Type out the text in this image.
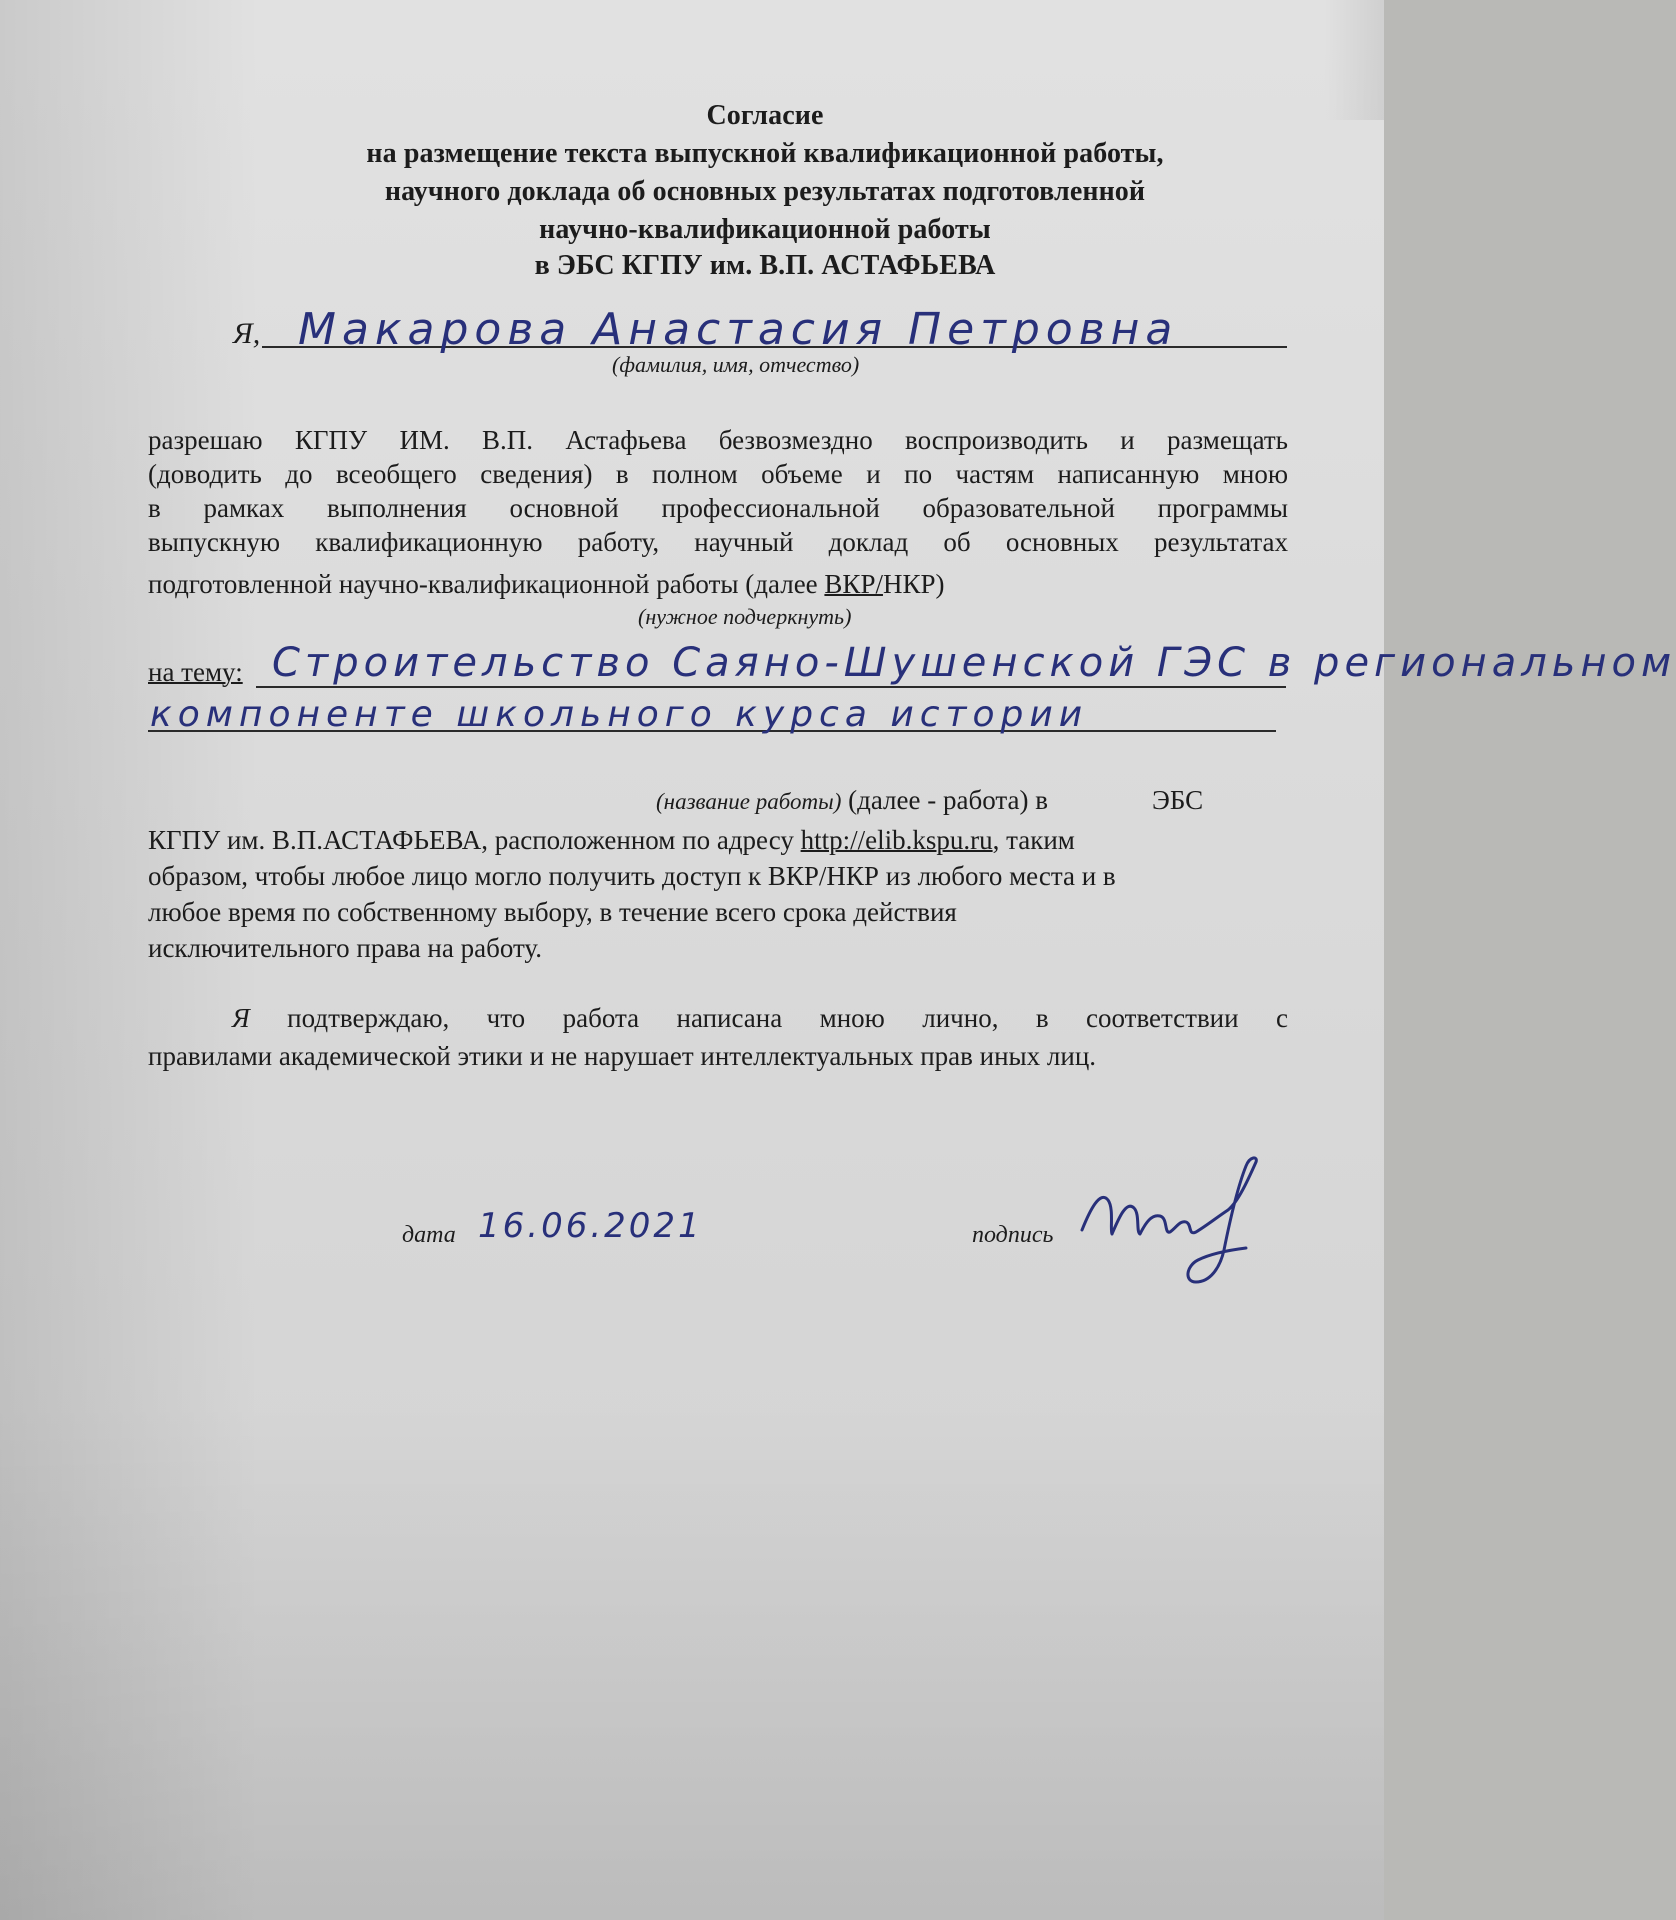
Согласие
на размещение текста выпускной квалификационной работы,
научного доклада об основных результатах подготовленной
научно-квалификационной работы
в ЭБС КГПУ им. В.П. АСТАФЬЕВА
Я, Макарова Анастасия Петровна
(фамилия, имя, отчество)
разрешаю КГПУ ИМ. В.П. Астафьева безвозмездно воспроизводить и размещать
(доводить до всеобщего сведения) в полном объеме и по частям написанную мною
в рамках выполнения основной профессиональной образовательной программы
выпускную квалификационную работу, научный доклад об основных результатах
подготовленной научно-квалификационной работы (далее ВКР/НКР)
(нужное подчеркнуть)
на тему: Строительство Саяно-Шушенской ГЭС в региональном
компоненте школьного курса истории
(название работы) (далее - работа) в	ЭБС
КГПУ им. В.П.АСТАФЬЕВА, расположенном по адресу http://elib.kspu.ru, таким
образом, чтобы любое лицо могло получить доступ к ВКР/НКР из любого места и в
любое время по собственному выбору, в течение всего срока действия
исключительного права на работу.
Я подтверждаю, что работа написана мною лично, в соответствии с
правилами академической этики и не нарушает интеллектуальных прав иных лиц.
дата 16.06.2021	подпись
